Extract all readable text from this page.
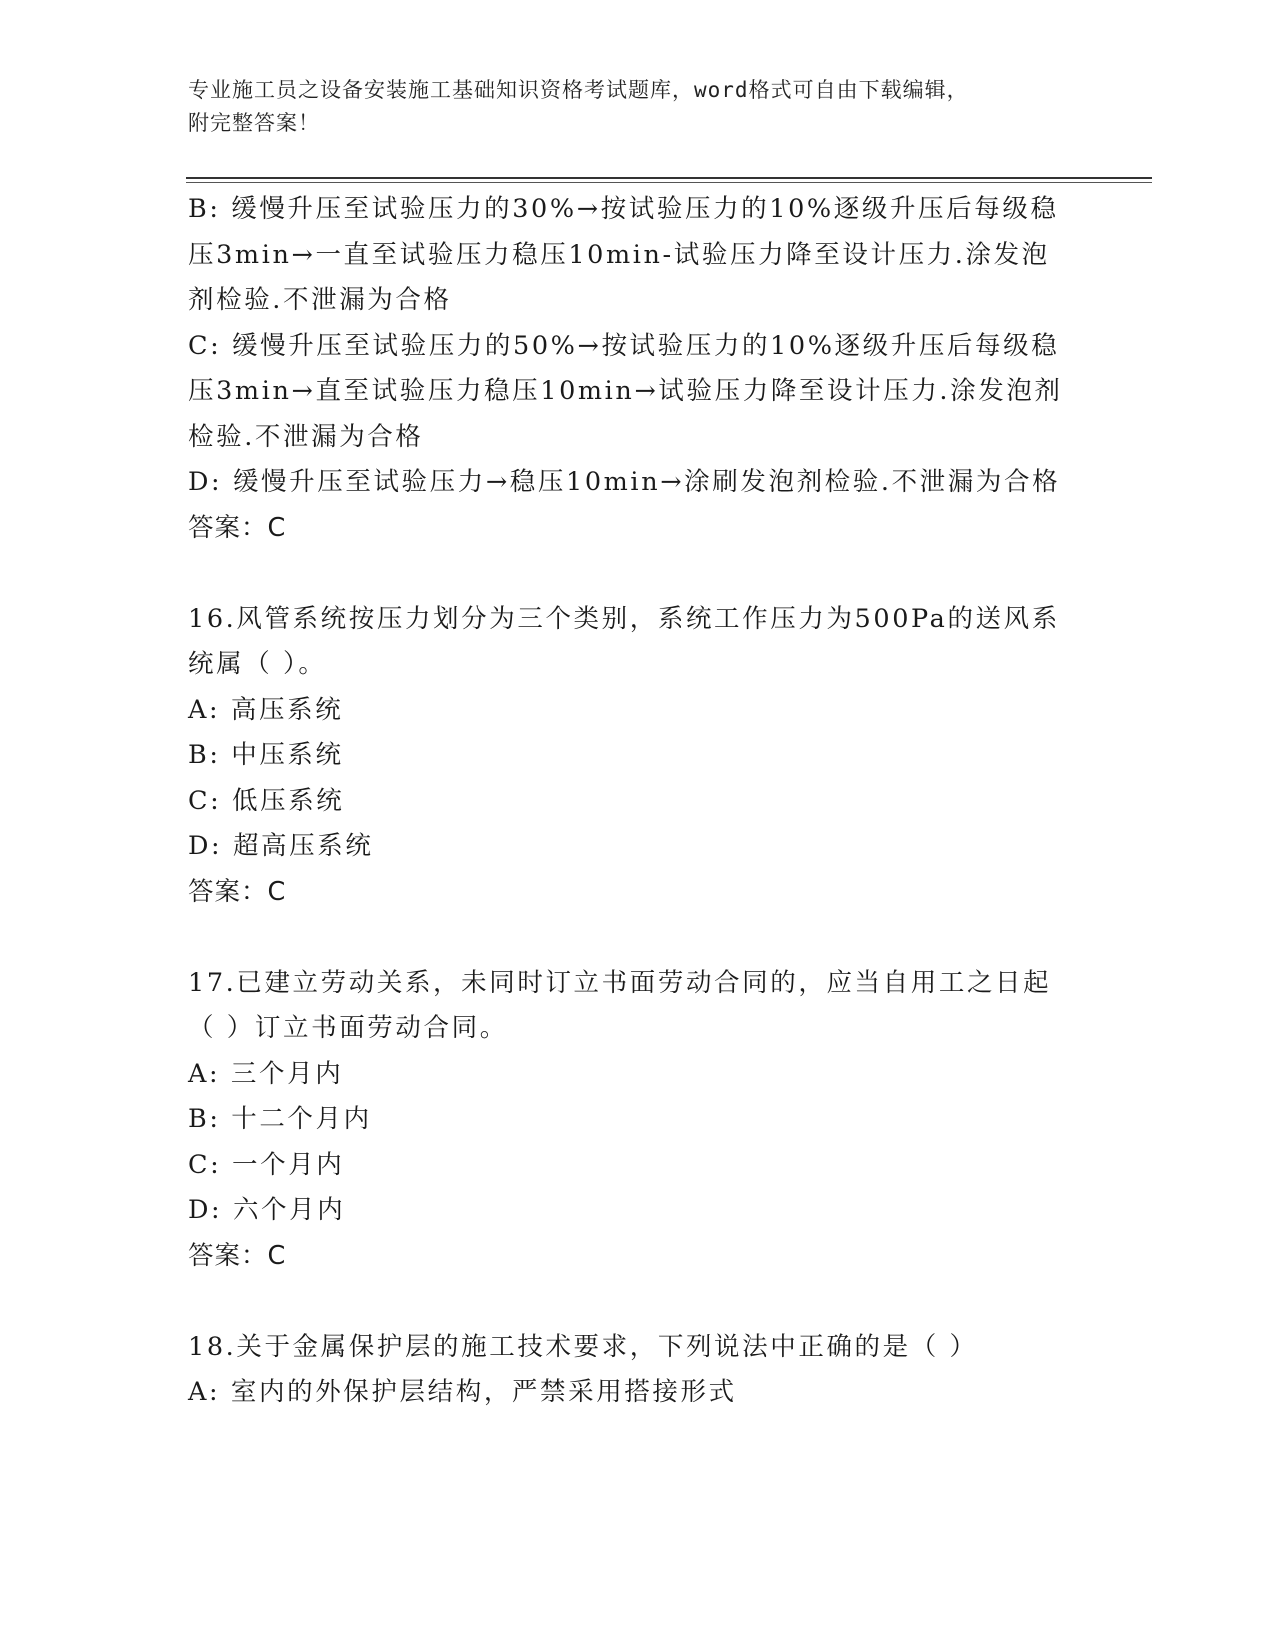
专业施工员之设备安装施工基础知识资格考试题库，word格式可自由下载编辑，
附完整答案！
B: 缓慢升压至试验压力的30%→按试验压力的10%逐级升压后每级稳
压3min→一直至试验压力稳压10min-试验压力降至设计压力.涂发泡
剂检验.不泄漏为合格
C: 缓慢升压至试验压力的50%→按试验压力的10%逐级升压后每级稳
压3min→直至试验压力稳压10min→试验压力降至设计压力.涂发泡剂
检验.不泄漏为合格
D: 缓慢升压至试验压力→稳压10min→涂刷发泡剂检验.不泄漏为合格
答案：C
16.风管系统按压力划分为三个类别，系统工作压力为500Pa的送风系
统属（ ）。
A: 高压系统
B: 中压系统
C: 低压系统
D: 超高压系统
答案：C
17.已建立劳动关系，未同时订立书面劳动合同的，应当自用工之日起
（ ）订立书面劳动合同。
A: 三个月内
B: 十二个月内
C: 一个月内
D: 六个月内
答案：C
18.关于金属保护层的施工技术要求，下列说法中正确的是（ ）
A: 室内的外保护层结构，严禁采用搭接形式
